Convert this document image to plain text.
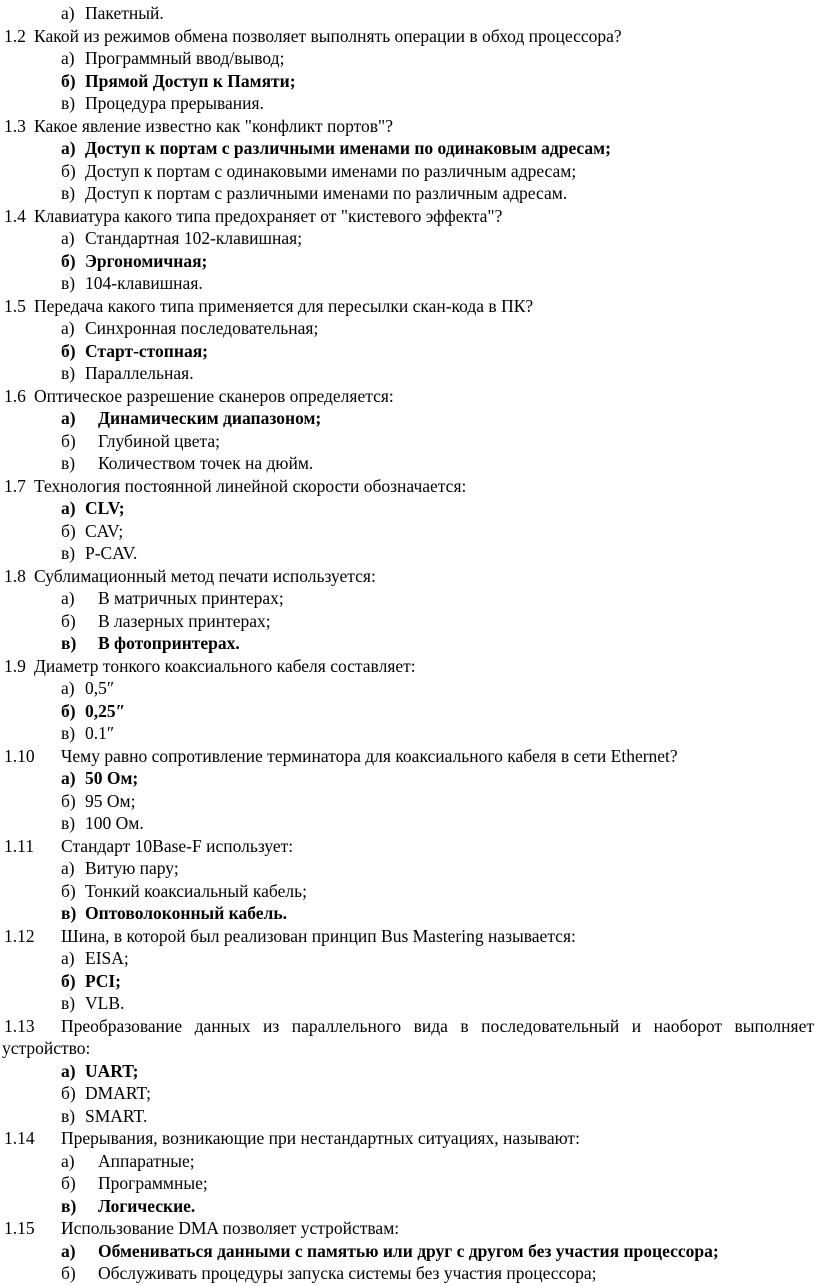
а) Пакетный.
1.2 Какой из режимов обмена позволяет выполнять операции в обход процессора?
а) Программный ввод/вывод;
б) Прямой Доступ к Памяти;
в) Процедура прерывания.
1.3 Какое явление известно как "конфликт портов"?
а) Доступ к портам с различными именами по одинаковым адресам;
б) Доступ к портам с одинаковыми именами по различным адресам;
в) Доступ к портам с различными именами по различным адресам.
1.4 Клавиатура какого типа предохраняет от "кистевого эффекта"?
а) Стандартная 102-клавишная;
б) Эргономичная;
в) 104-клавишная.
1.5 Передача какого типа применяется для пересылки скан-кода в ПК?
а) Синхронная последовательная;
б) Старт-стопная;
в) Параллельная.
1.6 Оптическое разрешение сканеров определяется:
а) Динамическим диапазоном;
б) Глубиной цвета;
в) Количеством точек на дюйм.
1.7 Технология постоянной линейной скорости обозначается:
а) CLV;
б) CAV;
в) P-CAV.
1.8 Сублимационный метод печати используется:
а) В матричных принтерах;
б) В лазерных принтерах;
в) В фотопринтерах.
1.9 Диаметр тонкого коаксиального кабеля составляет:
а) 0,5″
б) 0,25″
в) 0.1″
1.10 Чему равно сопротивление терминатора для коаксиального кабеля в сети Ethernet?
а) 50 Ом;
б) 95 Ом;
в) 100 Ом.
1.11 Стандарт 10Base-F использует:
а) Витую пару;
б) Тонкий коаксиальный кабель;
в) Оптоволоконный кабель.
1.12 Шина, в которой был реализован принцип Bus Mastering называется:
а) EISA;
б) PCI;
в) VLB.
1.13 Преобразование данных из параллельного вида в последовательный и наоборот выполняет
устройство:
а) UART;
б) DMART;
в) SMART.
1.14 Прерывания, возникающие при нестандартных ситуациях, называют:
а) Аппаратные;
б) Программные;
в) Логические.
1.15 Использование DMA позволяет устройствам:
а) Обмениваться данными с памятью или друг с другом без участия процессора;
б) Обслуживать процедуры запуска системы без участия процессора;
